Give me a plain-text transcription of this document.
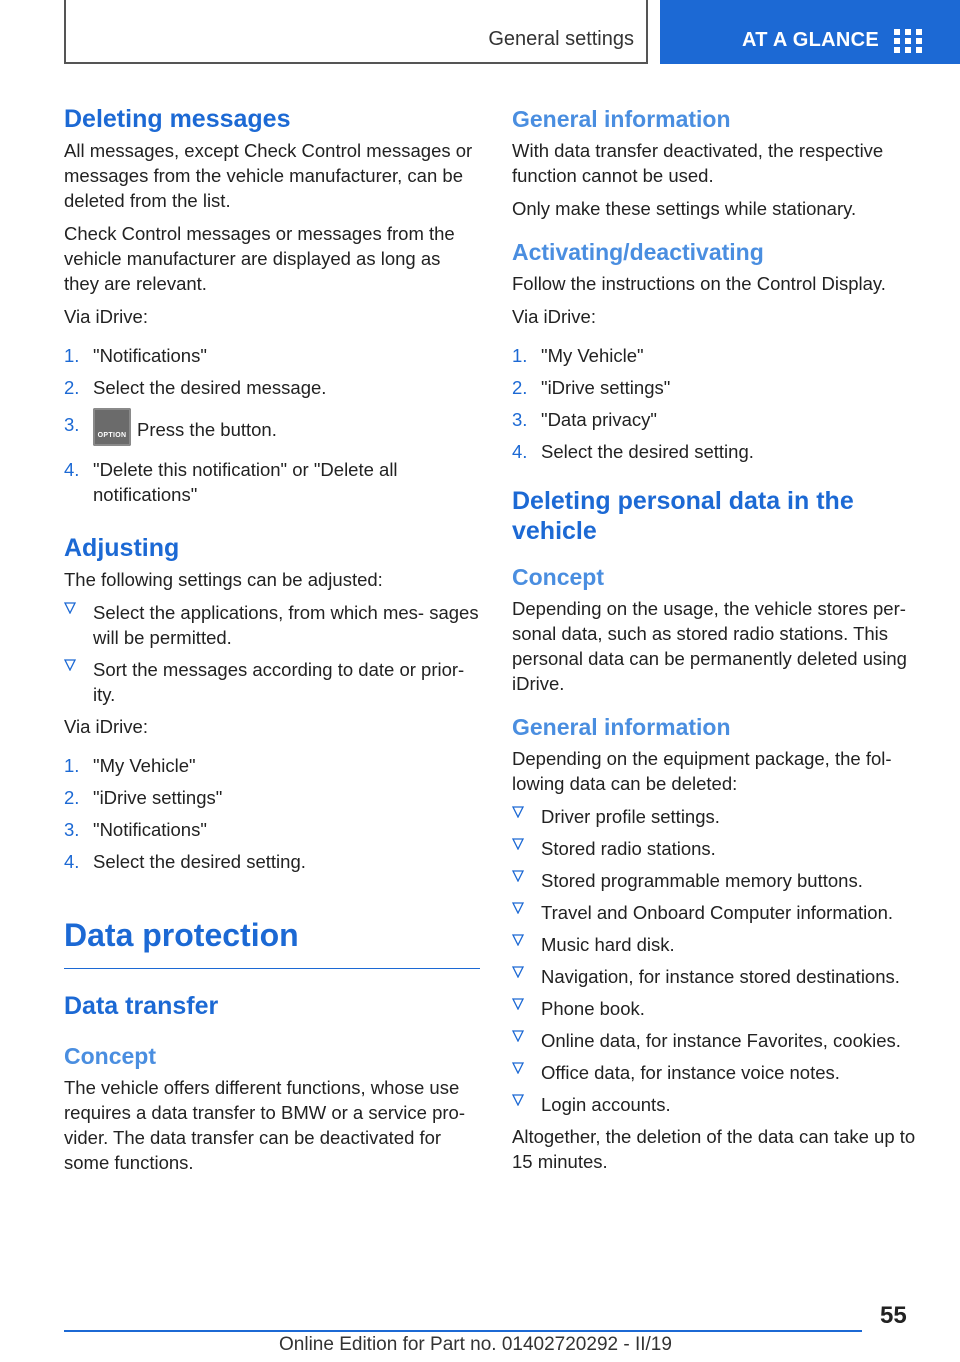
General settings	AT A GLANCE
Deleting messages

All messages, except Check Control messages or messages from the vehicle manufacturer, can be deleted from the list.

Check Control messages or messages from the vehicle manufacturer are displayed as long as they are relevant.

Via iDrive:

1. "Notifications"
2. Select the desired message.
3.
OPTION Press the button.
4. "Delete this notification" or "Delete all notifications"
Adjusting

The following settings can be adjusted:

Select the applications, from which mes‐ sages will be permitted.
Sort the messages according to date or prior‐ ity.

Via iDrive:

1. "My Vehicle"
2. "iDrive settings"
3. "Notifications"
4. Select the desired setting.
Data protection
Data transfer
Concept

The vehicle offers different functions, whose use requires a data transfer to BMW or a service pro‐ vider. The data transfer can be deactivated for some functions.

General information

With data transfer deactivated, the respective function cannot be used.

Only make these settings while stationary.

Activating/deactivating

Follow the instructions on the Control Display.

Via iDrive:

1. "My Vehicle"
2. "iDrive settings"
3. "Data privacy"
4. Select the desired setting.
Deleting personal data in the vehicle
Concept

Depending on the usage, the vehicle stores per‐ sonal data, such as stored radio stations. This personal data can be permanently deleted using iDrive.

General information

Depending on the equipment package, the fol‐ lowing data can be deleted:

Driver profile settings.
Stored radio stations.
Stored programmable memory buttons.
Travel and Onboard Computer information.
Music hard disk.
Navigation, for instance stored destinations.
Phone book.
Online data, for instance Favorites, cookies.
Office data, for instance voice notes.
Login accounts.

Altogether, the deletion of the data can take up to 15 minutes.

55
Online Edition for Part no. 01402720292 - II/19
